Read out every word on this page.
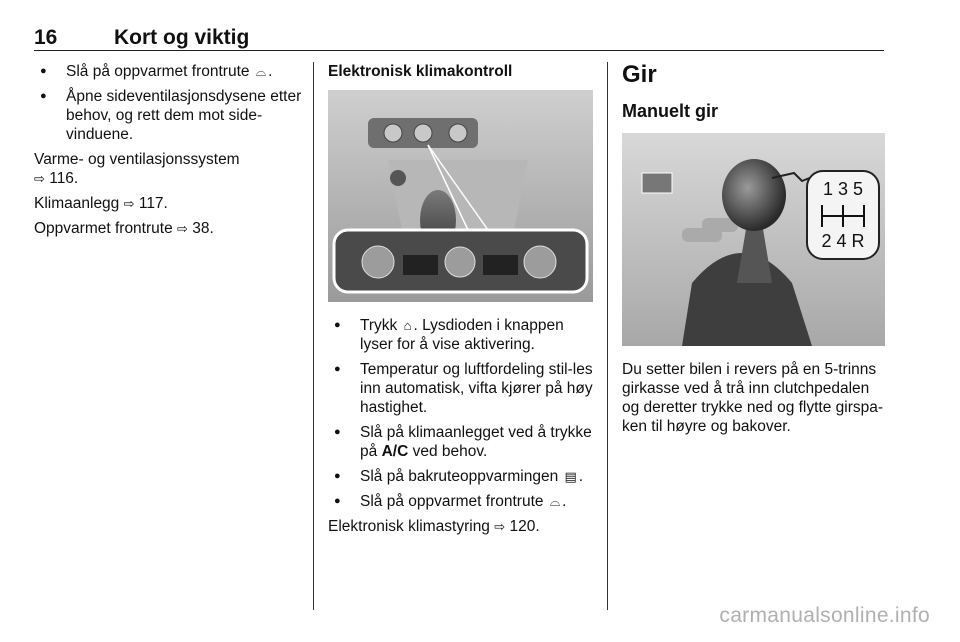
16	Kort og viktig
● Slå på oppvarmet frontrute ⌓ .
● Åpne sideventilasjonsdysene etter behov, og rett dem mot side-vinduene.

Varme- og ventilasjonssystem
⇨ 116.

Klimaanlegg ⇨ 117.

Oppvarmet frontrute ⇨ 38.

Elektronisk klimakontroll
● Trykk ⌂ . Lysdioden i knappen lyser for å vise aktivering.
● Temperatur og luftfordeling stil-les inn automatisk, vifta kjører på høy hastighet.
● Slå på klimaanlegget ved å trykke på A/C ved behov.
● Slå på bakruteoppvarmingen ▤ .
● Slå på oppvarmet frontrute ⌓ .

Elektronisk klimastyring ⇨ 120.

Gir
Manuelt gir
1 3 5
2 4 R

Du setter bilen i revers på en 5-trinns girkasse ved å trå inn clutchpedalen og deretter trykke ned og flytte girspa-ken til høyre og bakover.

carmanualsonline.info
